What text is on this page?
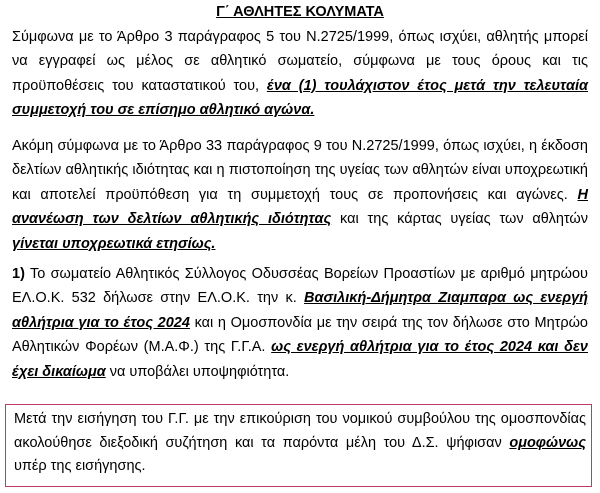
Γ΄ ΑΘΛΗΤΕΣ ΚΟΛΥΜΑΤΑ

Σύμφωνα με το Άρθρο 3 παράγραφος 5 του Ν.2725/1999, όπως ισχύει, αθλητής μπορεί να εγγραφεί ως μέλος σε αθλητικό σωματείο, σύμφωνα με τους όρους και τις προϋποθέσεις του καταστατικού του, ένα (1) τουλάχιστον έτος μετά την τελευταία συμμετοχή του σε επίσημο αθλητικό αγώνα.

Ακόμη σύμφωνα με το Άρθρο 33 παράγραφος 9 του Ν.2725/1999, όπως ισχύει, η έκδοση δελτίων αθλητικής ιδιότητας και η πιστοποίηση της υγείας των αθλητών είναι υποχρεωτική και αποτελεί προϋπόθεση για τη συμμετοχή τους σε προπονήσεις και αγώνες. Η ανανέωση των δελτίων αθλητικής ιδιότητας και της κάρτας υγείας των αθλητών γίνεται υποχρεωτικά ετησίως.

1) Το σωματείο Αθλητικός Σύλλογος Οδυσσέας Βορείων Προαστίων με αριθμό μητρώου ΕΛ.Ο.Κ. 532 δήλωσε στην ΕΛ.Ο.Κ. την κ. Βασιλική-Δήμητρα Ζιαμπαρα ως ενεργή αθλήτρια για το έτος 2024 και η Ομοσπονδία με την σειρά της τον δήλωσε στο Μητρώο Αθλητικών Φορέων (Μ.Α.Φ.) της Γ.Γ.Α. ως ενεργή αθλήτρια για το έτος 2024 και δεν έχει δικαίωμα να υποβάλει υποψηφιότητα.

Μετά την εισήγηση του Γ.Γ. με την επικούριση του νομικού συμβούλου της ομοσπονδίας ακολούθησε διεξοδική συζήτηση και τα παρόντα μέλη του Δ.Σ. ψήφισαν ομοφώνως υπέρ της εισήγησης.
